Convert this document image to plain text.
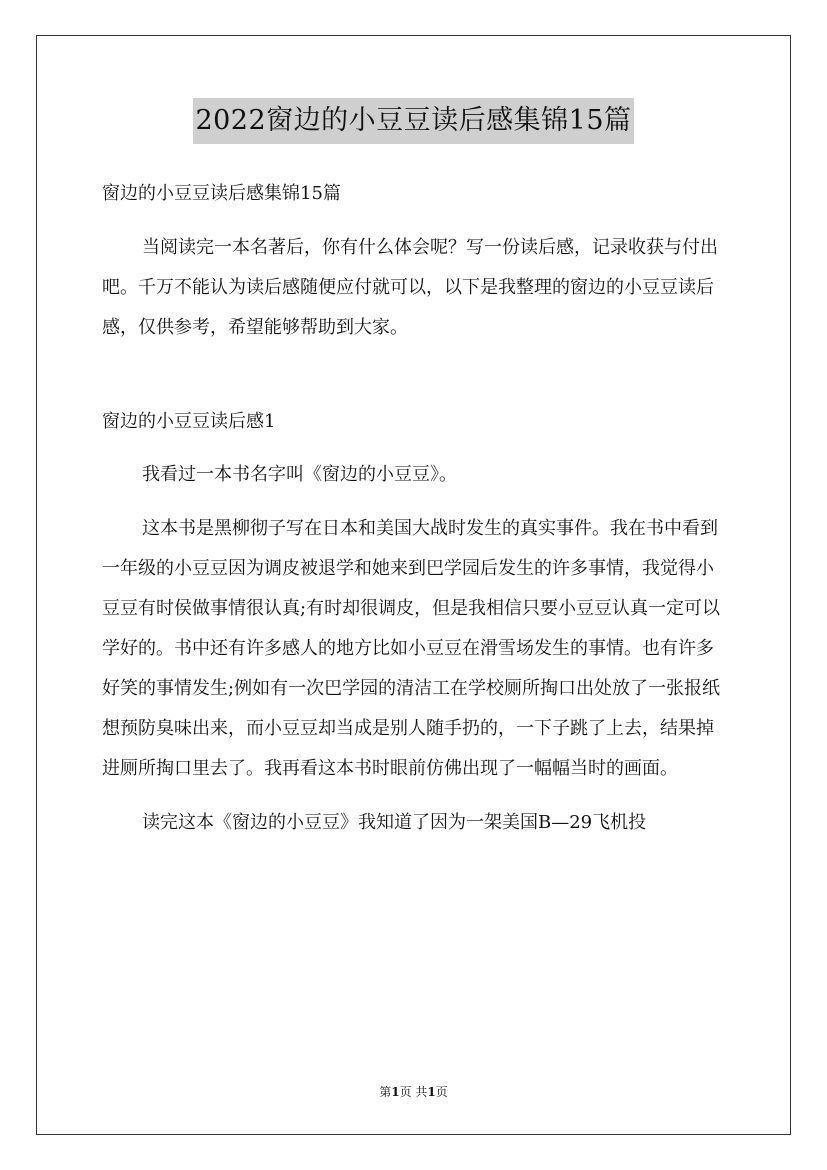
2022窗边的小豆豆读后感集锦15篇

窗边的小豆豆读后感集锦15篇

当阅读完一本名著后，你有什么体会呢？写一份读后感，记录收获与付出吧。千万不能认为读后感随便应付就可以，以下是我整理的窗边的小豆豆读后感，仅供参考，希望能够帮助到大家。

窗边的小豆豆读后感1

我看过一本书名字叫《窗边的小豆豆》。

这本书是黑柳彻子写在日本和美国大战时发生的真实事件。我在书中看到一年级的小豆豆因为调皮被退学和她来到巴学园后发生的许多事情，我觉得小豆豆有时侯做事情很认真;有时却很调皮，但是我相信只要小豆豆认真一定可以学好的。书中还有许多感人的地方比如小豆豆在滑雪场发生的事情。也有许多好笑的事情发生;例如有一次巴学园的清洁工在学校厕所掏口出处放了一张报纸想预防臭味出来，而小豆豆却当成是别人随手扔的，一下子跳了上去，结果掉进厕所掏口里去了。我再看这本书时眼前仿佛出现了一幅幅当时的画面。

读完这本《窗边的小豆豆》我知道了因为一架美国B—29飞机投

第1页 共1页
